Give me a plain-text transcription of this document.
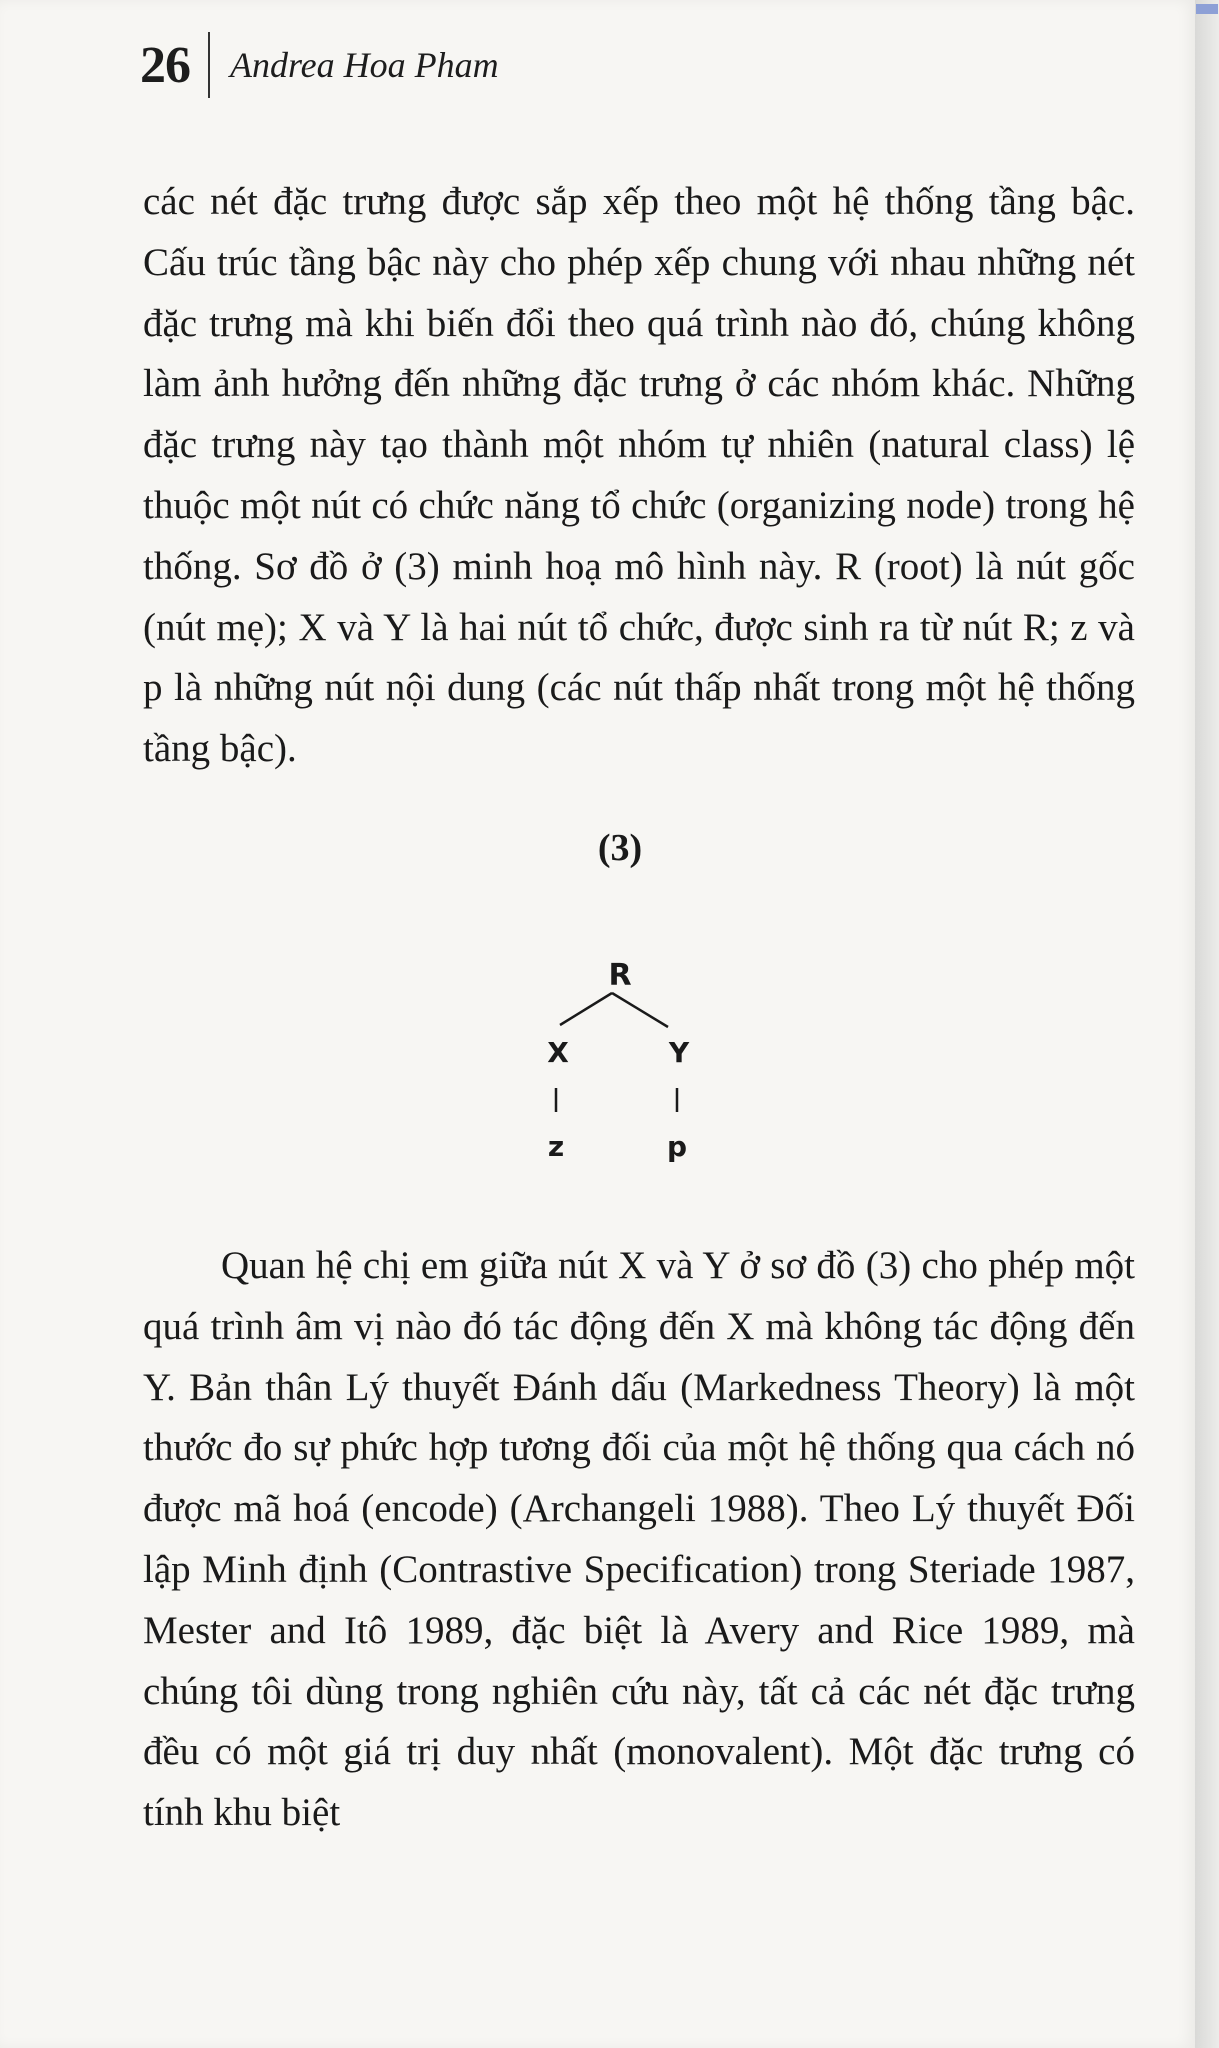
26 Andrea Hoa Pham

các nét đặc trưng được sắp xếp theo một hệ thống tầng bậc. Cấu trúc tầng bậc này cho phép xếp chung với nhau những nét đặc trưng mà khi biến đổi theo quá trình nào đó, chúng không làm ảnh hưởng đến những đặc trưng ở các nhóm khác. Những đặc trưng này tạo thành một nhóm tự nhiên (natural class) lệ thuộc một nút có chức năng tổ chức (organizing node) trong hệ thống. Sơ đồ ở (3) minh hoạ mô hình này. R (root) là nút gốc (nút mẹ); X và Y là hai nút tổ chức, được sinh ra từ nút R; z và p là những nút nội dung (các nút thấp nhất trong một hệ thống tầng bậc).

(3)
R
X	Y
z	p

Quan hệ chị em giữa nút X và Y ở sơ đồ (3) cho phép một quá trình âm vị nào đó tác động đến X mà không tác động đến Y. Bản thân Lý thuyết Đánh dấu (Markedness Theory) là một thước đo sự phức hợp tương đối của một hệ thống qua cách nó được mã hoá (encode) (Archangeli 1988). Theo Lý thuyết Đối lập Minh định (Contrastive Specification) trong Steriade 1987, Mester and Itô 1989, đặc biệt là Avery and Rice 1989, mà chúng tôi dùng trong nghiên cứu này, tất cả các nét đặc trưng đều có một giá trị duy nhất (monovalent). Một đặc trưng có tính khu biệt
